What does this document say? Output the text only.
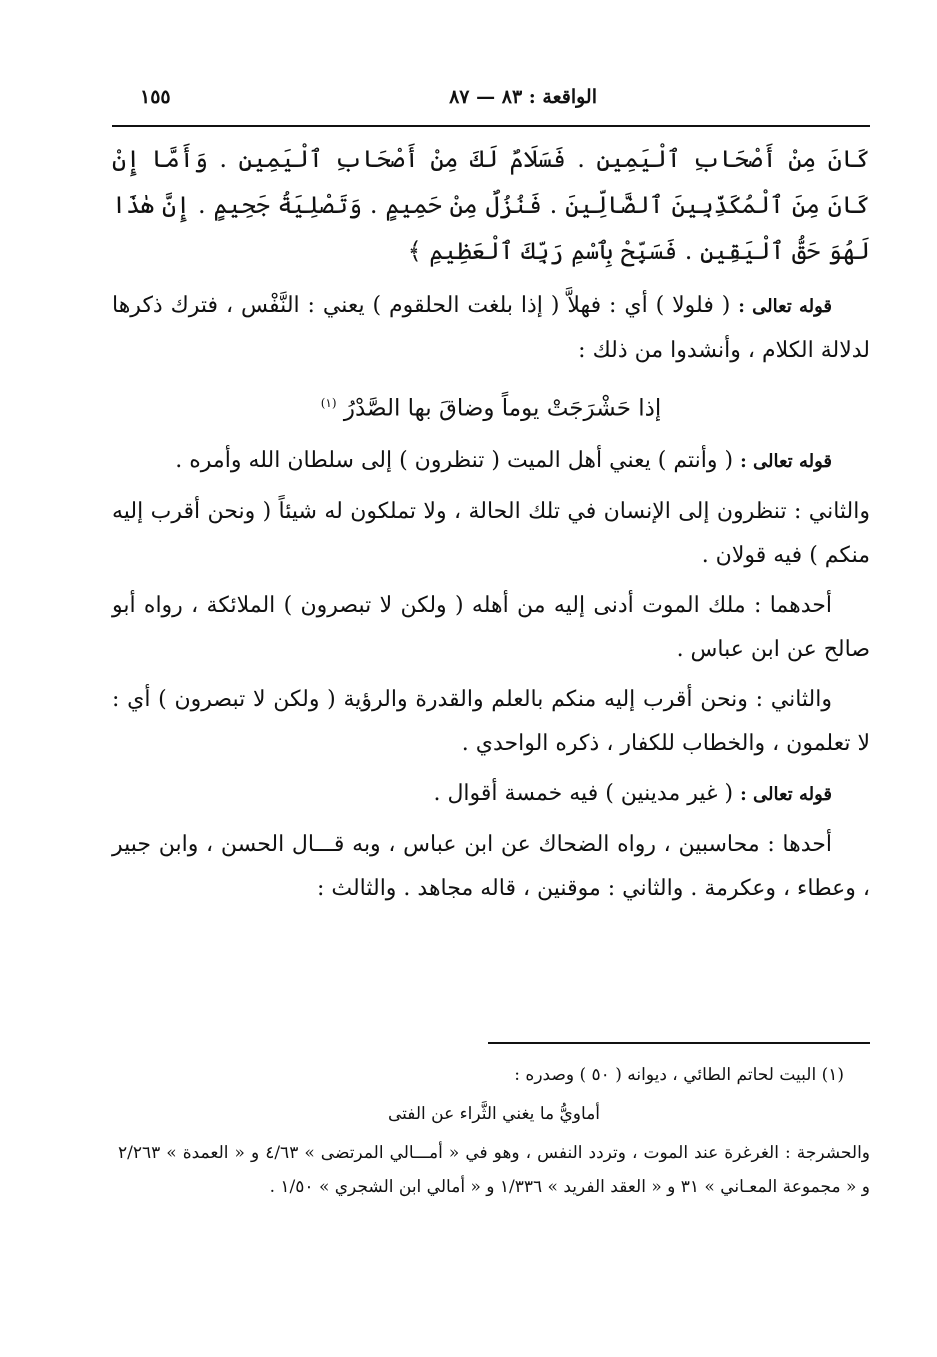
الواقعة : ٨٣ — ٨٧
١٥٥

كَانَ مِنْ أَصْحَابِ ٱلْيَمِينِ . فَسَلَامٌ لَكَ مِنْ أَصْحَابِ ٱلْيَمِينِ . وَأَمَّا إِنْ كَانَ مِنَ ٱلْمُكَذِّبِينَ ٱلضَّالِّينَ . فَنُزُلٌ مِنْ حَمِيمٍ . وَتَصْلِيَةُ جَحِيمٍ . إِنَّ هٰذَا لَهُوَ حَقُّ ٱلْيَقِينِ . فَسَبِّحْ بِٱسْمِ رَبِّكَ ٱلْعَظِيمِ ﴾

قوله تعالى : ( فلولا ) أي : فهلاَّ ( إذا بلغت الحلقوم ) يعني : النَّفْس ، فترك ذكرها لدلالة الكلام ، وأنشدوا من ذلك :

إذا حَشْرَجَتْ يوماً وضاقَ بها الصَّدْرُ $^{(١)}$

قوله تعالى : ( وأنتم ) يعني أهل الميت ( تنظرون ) إلى سلطان الله وأمره .

والثاني : تنظرون إلى الإنسان في تلك الحالة ، ولا تملكون له شيئاً ( ونحن أقرب إليه منكم ) فيه قولان .

أحدهما : ملك الموت أدنى إليه من أهله ( ولكن لا تبصرون ) الملائكة ، رواه أبو صالح عن ابن عباس .

والثاني : ونحن أقرب إليه منكم بالعلم والقدرة والرؤية ( ولكن لا تبصرون ) أي : لا تعلمون ، والخطاب للكفار ، ذكره الواحدي .

قوله تعالى : ( غير مدينين ) فيه خمسة أقوال .

أحدها : محاسبين ، رواه الضحاك عن ابن عباس ، وبه قـــال الحسن ، وابن جبير ، وعطاء ، وعكرمة . والثاني : موقنين ، قاله مجاهد . والثالث :

(١) البيت لحاتم الطائي ، ديوانه ( ٥٠ ) وصدره :

أماويُّ ما يغني الثَّراء عن الفتى

والحشرجة : الغرغرة عند الموت ، وتردد النفس ، وهو في « أمـــالي المرتضى » ٤/٦٣ و « العمدة » ٢/٢٦٣ و « مجموعة المعـاني » ٣١ و « العقد الفريد » ١/٣٣٦ و « أمالي ابن الشجري » ١/٥٠ .
